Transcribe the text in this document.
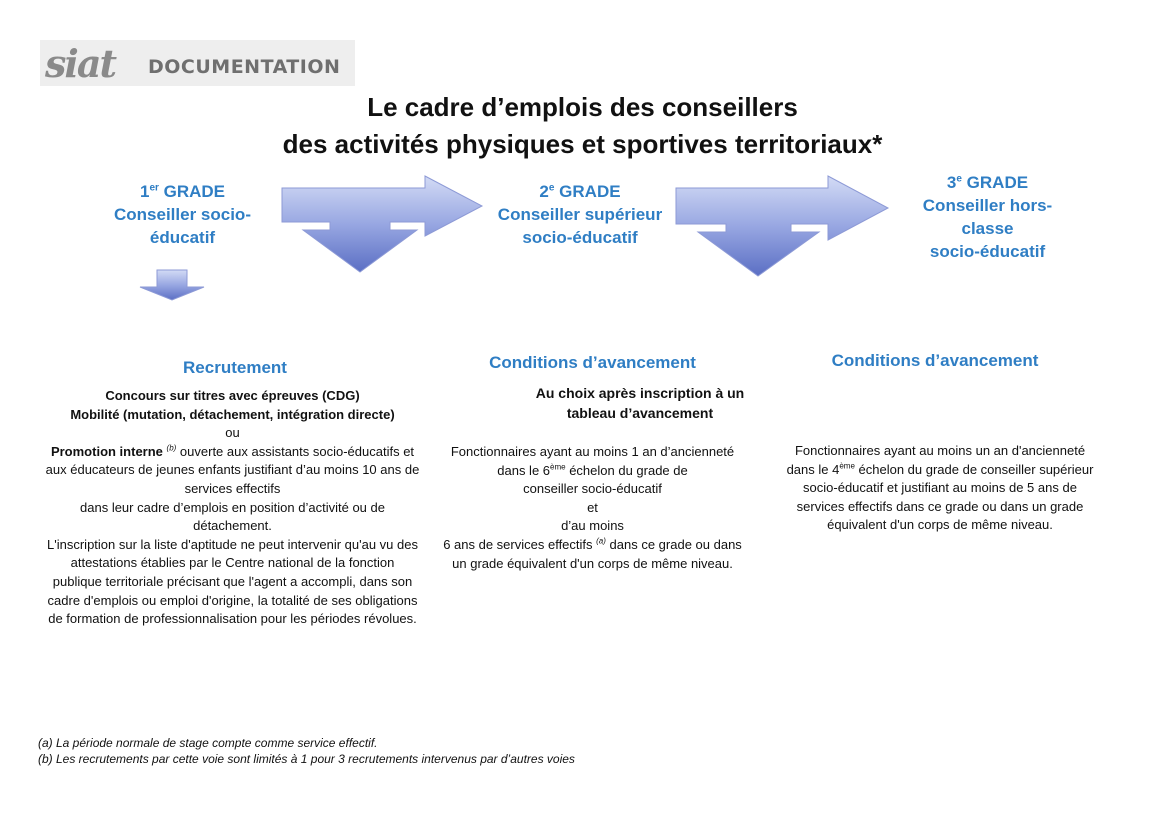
siat DOCUMENTATION
Le cadre d’emplois des conseillers
des activités physiques et sportives territoriaux*
1er GRADE
Conseiller socio-
éducatif
2e GRADE
Conseiller supérieur
socio-éducatif
3e GRADE
Conseiller hors-
classe
socio-éducatif
Recrutement
Concours sur titres avec épreuves (CDG)
Mobilité (mutation, détachement, intégration directe)
ou
Promotion interne $^{(b)}$ ouverte aux assistants socio-éducatifs et aux éducateurs de jeunes enfants justifiant d’au moins 10 ans de services effectifs
dans leur cadre d’emplois en position d’activité ou de détachement.
L'inscription sur la liste d'aptitude ne peut intervenir qu'au vu des attestations établies par le Centre national de la fonction publique territoriale précisant que l'agent a accompli, dans son cadre d'emplois ou emploi d'origine, la totalité de ses obligations de formation de professionnalisation pour les périodes révolues.
Conditions d’avancement
Au choix après inscription à un
tableau d’avancement
Fonctionnaires ayant au moins 1 an d’ancienneté
dans le 6ème échelon du grade de
conseiller socio-éducatif
et
d’au moins
6 ans de services effectifs $^{(a)}$ dans ce grade ou dans
un grade équivalent d'un corps de même niveau.
Conditions d’avancement
Fonctionnaires ayant au moins un an d'ancienneté
dans le 4ème échelon du grade de conseiller supérieur
socio-éducatif et justifiant au moins de 5 ans de
services effectifs dans ce grade ou dans un grade
équivalent d'un corps de même niveau.
(a) La période normale de stage compte comme service effectif.
(b) Les recrutements par cette voie sont limités à 1 pour 3 recrutements intervenus par d’autres voies
